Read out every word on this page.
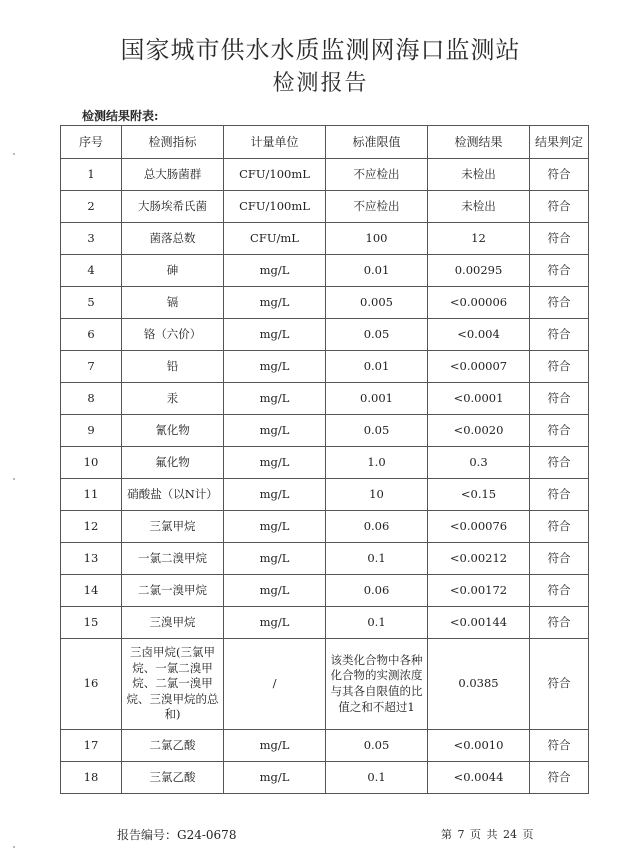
国家城市供水水质监测网海口监测站
检测报告
检测结果附表:
序号	检测指标	计量单位	标准限值	检测结果	结果判定
1	总大肠菌群	CFU/100mL	不应检出	未检出	符合
2	大肠埃希氏菌	CFU/100mL	不应检出	未检出	符合
3	菌落总数	CFU/mL	100	12	符合
4	砷	mg/L	0.01	0.00295	符合
5	镉	mg/L	0.005	<0.00006	符合
6	铬（六价）	mg/L	0.05	<0.004	符合
7	铅	mg/L	0.01	<0.00007	符合
8	汞	mg/L	0.001	<0.0001	符合
9	氰化物	mg/L	0.05	<0.0020	符合
10	氟化物	mg/L	1.0	0.3	符合
11	硝酸盐（以N计）	mg/L	10	<0.15	符合
12	三氯甲烷	mg/L	0.06	<0.00076	符合
13	一氯二溴甲烷	mg/L	0.1	<0.00212	符合
14	二氯一溴甲烷	mg/L	0.06	<0.00172	符合
15	三溴甲烷	mg/L	0.1	<0.00144	符合
16	三卤甲烷(三氯甲烷、一氯二溴甲烷、二氯一溴甲烷、三溴甲烷的总和)	/	该类化合物中各种化合物的实测浓度与其各自限值的比值之和不超过1	0.0385	符合
17	二氯乙酸	mg/L	0.05	<0.0010	符合
18	三氯乙酸	mg/L	0.1	<0.0044	符合
报告编号：G24-0678	第 7 页 共 24 页
